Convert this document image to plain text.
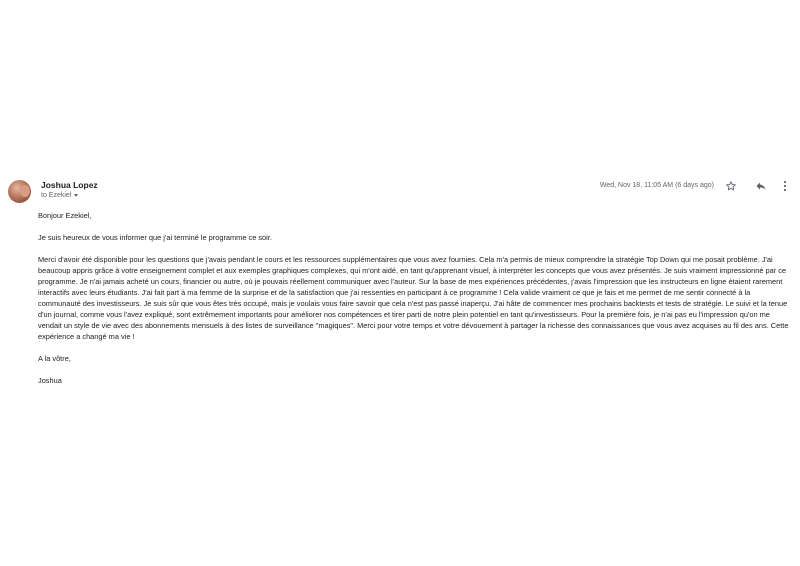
Joshua Lopez
to Ezekiel
Wed, Nov 18, 11:05 AM (6 days ago)

Bonjour Ezekiel,

Je suis heureux de vous informer que j'ai terminé le programme ce soir.

Merci d'avoir été disponible pour les questions que j'avais pendant le cours et les ressources supplémentaires que vous avez fournies. Cela m'a permis de mieux comprendre la stratégie Top Down qui me posait problème. J'ai beaucoup appris grâce à votre enseignement complet et aux exemples graphiques complexes, qui m'ont aidé, en tant qu'apprenant visuel, à interpréter les concepts que vous avez présentés. Je suis vraiment impressionné par ce programme. Je n'ai jamais acheté un cours, financier ou autre, où je pouvais réellement communiquer avec l'auteur. Sur la base de mes expériences précédentes, j'avais l'impression que les instructeurs en ligne étaient rarement interactifs avec leurs étudiants. J'ai fait part à ma femme de la surprise et de la satisfaction que j'ai ressenties en participant à ce programme ! Cela valide vraiment ce que je fais et me permet de me sentir connecté à la communauté des investisseurs. Je suis sûr que vous êtes très occupé, mais je voulais vous faire savoir que cela n'est pas passé inaperçu. J'ai hâte de commencer mes prochains backtests et tests de stratégie. Le suivi et la tenue d'un journal, comme vous l'avez expliqué, sont extrêmement importants pour améliorer nos compétences et tirer parti de notre plein potentiel en tant qu'investisseurs. Pour la première fois, je n'ai pas eu l'impression qu'on me vendait un style de vie avec des abonnements mensuels à des listes de surveillance "magiques". Merci pour votre temps et votre dévouement à partager la richesse des connaissances que vous avez acquises au fil des ans. Cette expérience a changé ma vie !

A la vôtre,

Joshua
